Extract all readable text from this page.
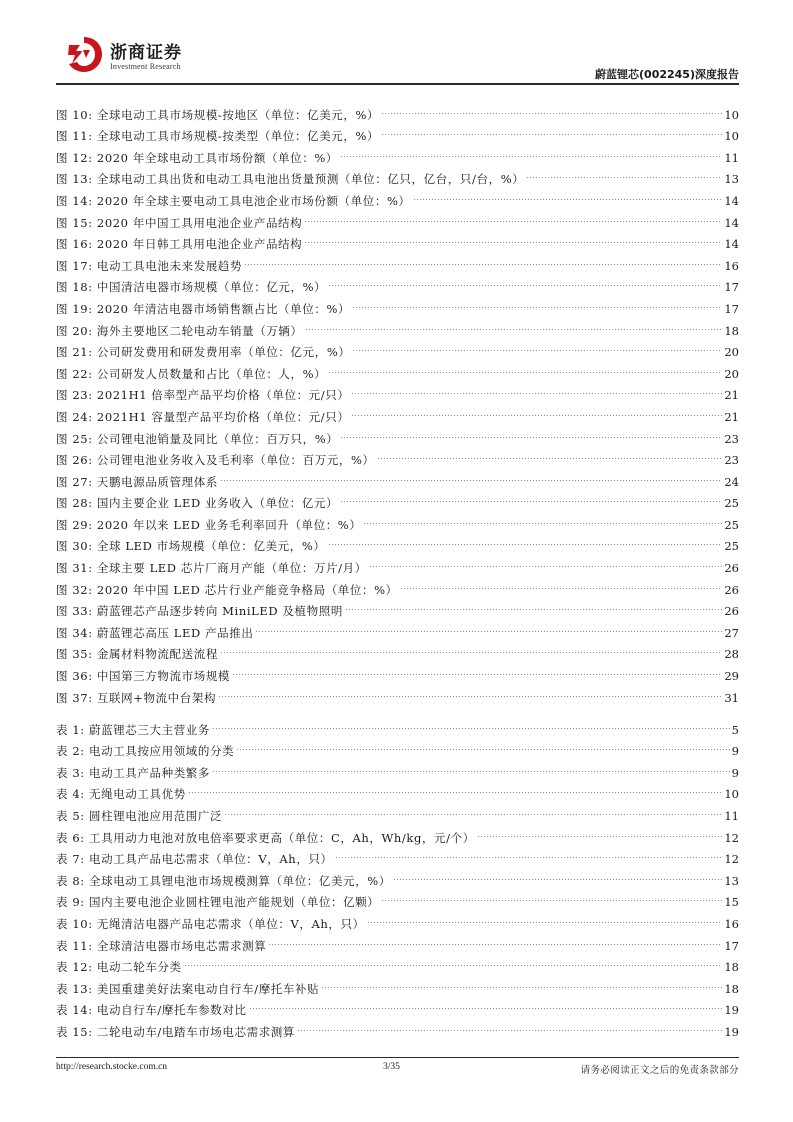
浙商证券
Investment Research
蔚蓝锂芯(002245)深度报告
图 10: 全球电动工具市场规模-按地区（单位：亿美元，%）	10
图 11: 全球电动工具市场规模-按类型（单位：亿美元，%）	10
图 12: 2020 年全球电动工具市场份额（单位：%）	11
图 13: 全球电动工具出货和电动工具电池出货量预测（单位：亿只，亿台，只/台，%）	13
图 14: 2020 年全球主要电动工具电池企业市场份额（单位：%）	14
图 15: 2020 年中国工具用电池企业产品结构	14
图 16: 2020 年日韩工具用电池企业产品结构	14
图 17: 电动工具电池未来发展趋势	16
图 18: 中国清洁电器市场规模（单位：亿元，%）	17
图 19: 2020 年清洁电器市场销售额占比（单位：%）	17
图 20: 海外主要地区二轮电动车销量（万辆）	18
图 21: 公司研发费用和研发费用率（单位：亿元，%）	20
图 22: 公司研发人员数量和占比（单位：人，%）	20
图 23: 2021H1 倍率型产品平均价格（单位：元/只）	21
图 24: 2021H1 容量型产品平均价格（单位：元/只）	21
图 25: 公司锂电池销量及同比（单位：百万只，%）	23
图 26: 公司锂电池业务收入及毛利率（单位：百万元，%）	23
图 27: 天鹏电源品质管理体系	24
图 28: 国内主要企业 LED 业务收入（单位：亿元）	25
图 29: 2020 年以来 LED 业务毛利率回升（单位：%）	25
图 30: 全球 LED 市场规模（单位：亿美元，%）	25
图 31: 全球主要 LED 芯片厂商月产能（单位：万片/月）	26
图 32: 2020 年中国 LED 芯片行业产能竞争格局（单位：%）	26
图 33: 蔚蓝锂芯产品逐步转向 MiniLED 及植物照明	26
图 34: 蔚蓝锂芯高压 LED 产品推出	27
图 35: 金属材料物流配送流程	28
图 36: 中国第三方物流市场规模	29
图 37: 互联网+物流中台架构	31
表 1: 蔚蓝锂芯三大主营业务	5
表 2: 电动工具按应用领域的分类	9
表 3: 电动工具产品种类繁多	9
表 4: 无绳电动工具优势	10
表 5: 圆柱锂电池应用范围广泛	11
表 6: 工具用动力电池对放电倍率要求更高（单位：C，Ah，Wh/kg，元/个）	12
表 7: 电动工具产品电芯需求（单位：V，Ah，只）	12
表 8: 全球电动工具锂电池市场规模测算（单位：亿美元，%）	13
表 9: 国内主要电池企业圆柱锂电池产能规划（单位：亿颗）	15
表 10: 无绳清洁电器产品电芯需求（单位：V，Ah，只）	16
表 11: 全球清洁电器市场电芯需求测算	17
表 12: 电动二轮车分类	18
表 13: 美国重建美好法案电动自行车/摩托车补贴	18
表 14: 电动自行车/摩托车参数对比	19
表 15: 二轮电动车/电踏车市场电芯需求测算	19
http://research.stocke.com.cn	3/35	请务必阅读正文之后的免责条款部分
